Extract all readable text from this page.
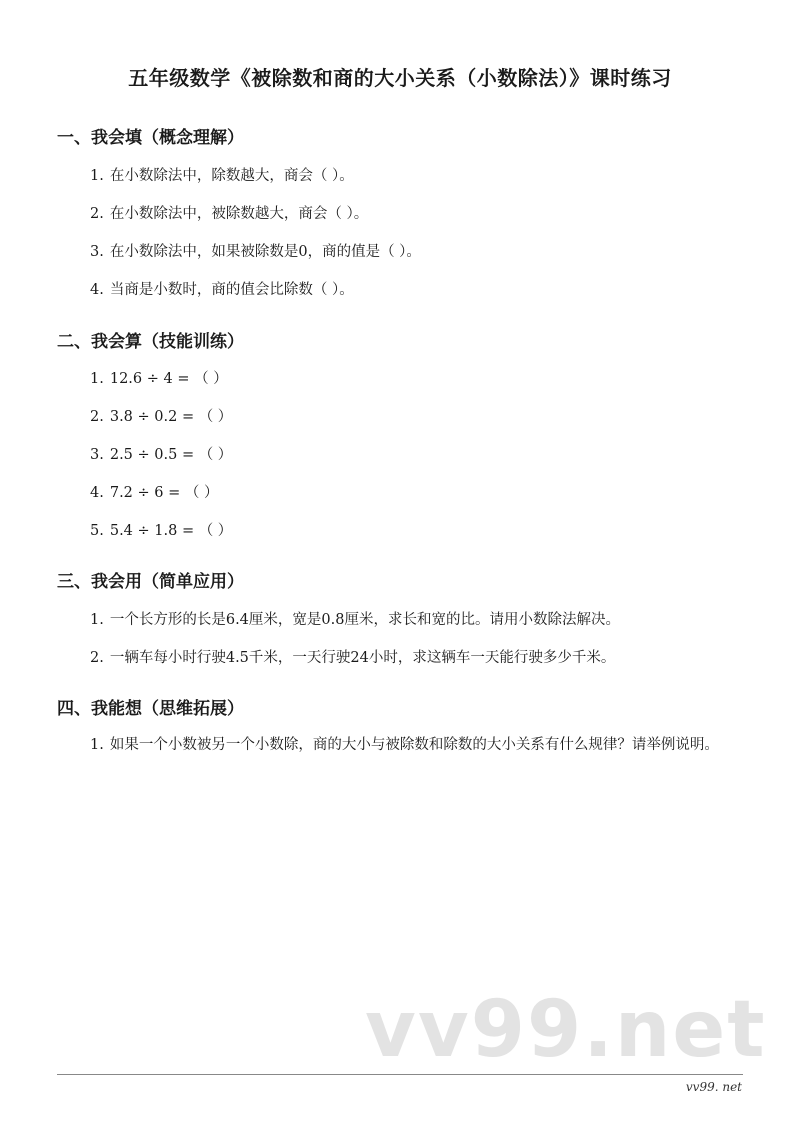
五年级数学《被除数和商的大小关系（小数除法）》课时练习
一、我会填（概念理解）

1. 在小数除法中，除数越大，商会（ ）。

2. 在小数除法中，被除数越大，商会（ ）。

3. 在小数除法中，如果被除数是0，商的值是（ ）。

4. 当商是小数时，商的值会比除数（ ）。

二、我会算（技能训练）

1. 12.6 ÷ 4 = （ ）

2. 3.8 ÷ 0.2 = （ ）

3. 2.5 ÷ 0.5 = （ ）

4. 7.2 ÷ 6 = （ ）

5. 5.4 ÷ 1.8 = （ ）

三、我会用（简单应用）

1. 一个长方形的长是6.4厘米，宽是0.8厘米，求长和宽的比。请用小数除法解决。

2. 一辆车每小时行驶4.5千米，一天行驶24小时，求这辆车一天能行驶多少千米。

四、我能想（思维拓展）

1. 如果一个小数被另一个小数除，商的大小与被除数和除数的大小关系有什么规律？请举例说明。

vv99.net
vv99. net
